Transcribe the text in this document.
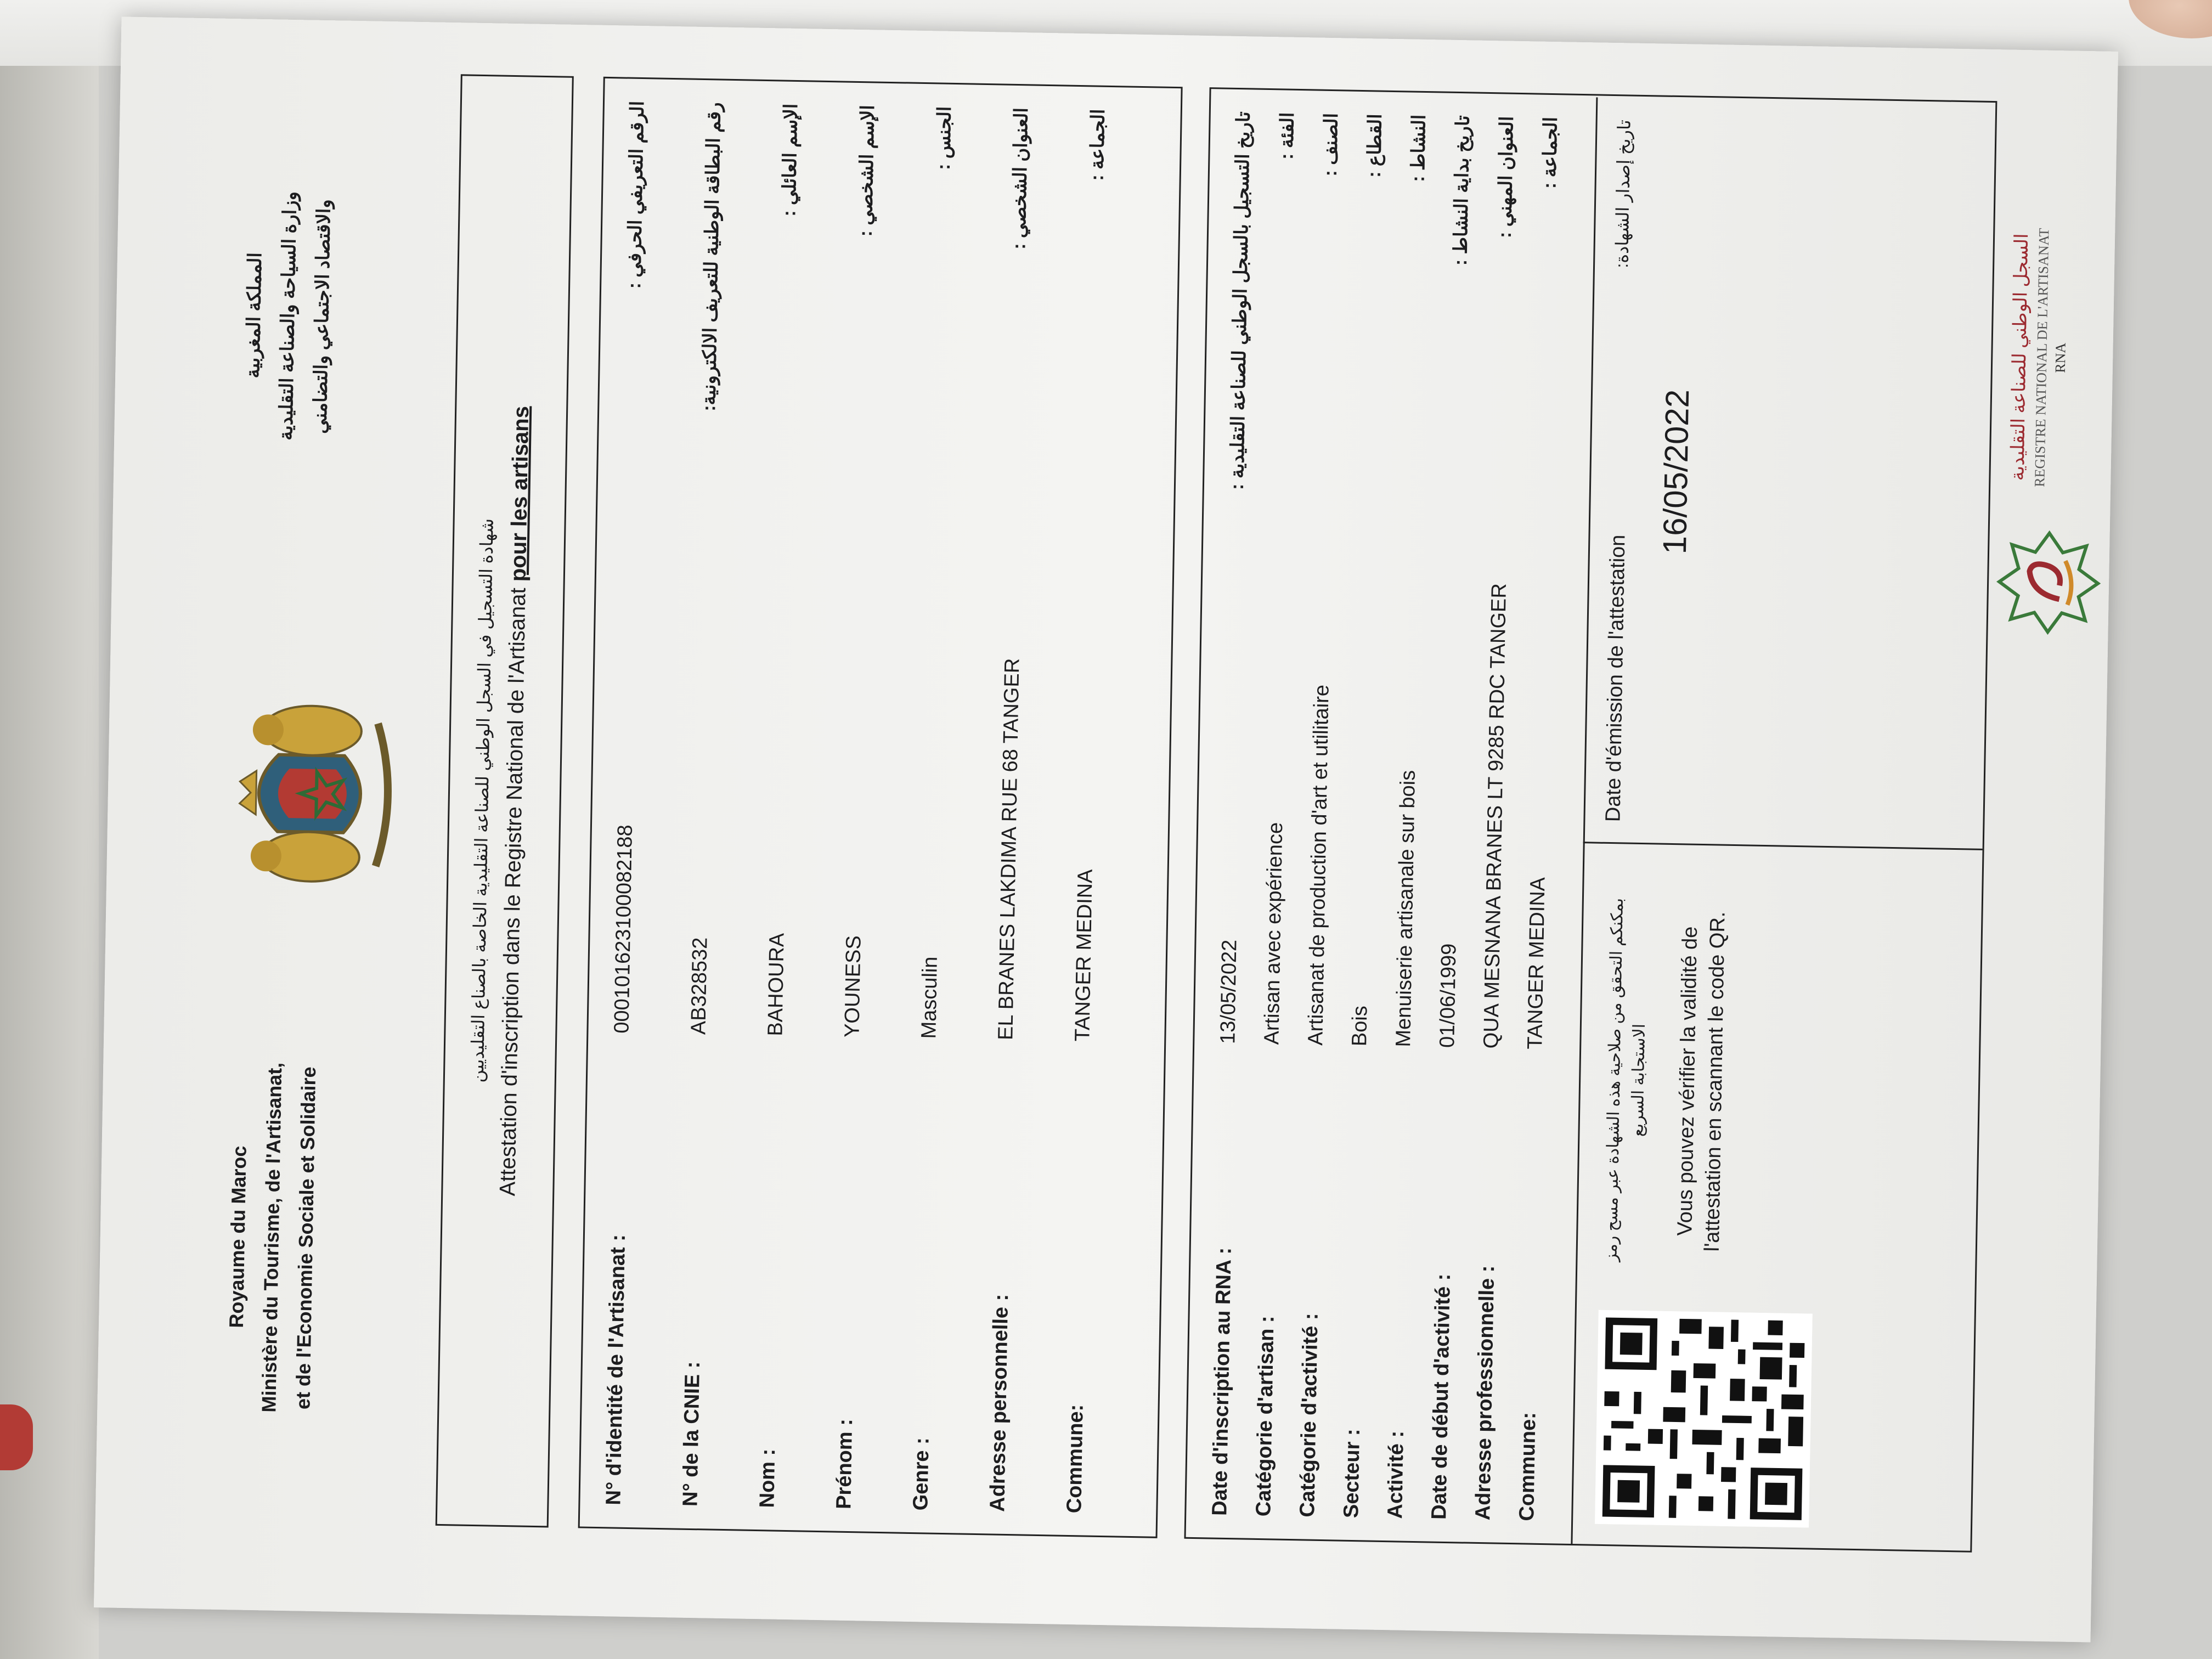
Royaume du Maroc Ministère du Tourisme, de l'Artisanat, et de l'Economie Sociale et Solidaire
المملكة المغربية وزارة السياحة والصناعة التقليدية والاقتصاد الاجتماعي والتضامني
شهادة التسجيل في السجل الوطني للصناعة التقليدية الخاصة بالصناع التقليديين
Attestation d'inscription dans le Registre National de l'Artisanat pour les artisans
N° d'identité de l'Artisanat :
000101623100082188
الرقم التعريفي الحرفي :
N° de la CNIE :
AB328532
رقم البطاقة الوطنية للتعريف الالكترونية:
Nom :
BAHOURA
الإسم العائلي :
Prénom :
YOUNESS
الإسم الشخصي :
Genre :
Masculin
الجنس :
Adresse personnelle :
EL BRANES LAKDIMA RUE 68 TANGER
العنوان الشخصي :
Commune:
TANGER MEDINA
الجماعة :
Date d'inscription au RNA :
13/05/2022
تاريخ التسجيل بالسجل الوطني للصناعة التقليدية :
Catégorie d'artisan :
Artisan avec expérience
الفئة :
Catégorie d'activité :
Artisanat de production d'art et utilitaire
الصنف :
Secteur :
Bois
القطاع :
Activité :
Menuiserie artisanale sur bois
النشاط :
Date de début d'activité :
01/06/1999
تاريخ بداية النشاط :
Adresse professionnelle :
QUA MESNANA BRANES LT 9285 RDC TANGER
العنوان المهني :
Commune:
TANGER MEDINA
الجماعة :
بمكنكم التحقق من صلاحية هذه الشهادة عبر مسح رمز الاستجابة السريع Vous pouvez vérifier la validité de l'attestation en scannant le code QR.
Date d'émission de l'attestation
تاريخ إصدار الشهادة:
16/05/2022	السجل الوطني للصناعة التقليدية
REGISTRE NATIONAL DE L'ARTISANAT RNA
